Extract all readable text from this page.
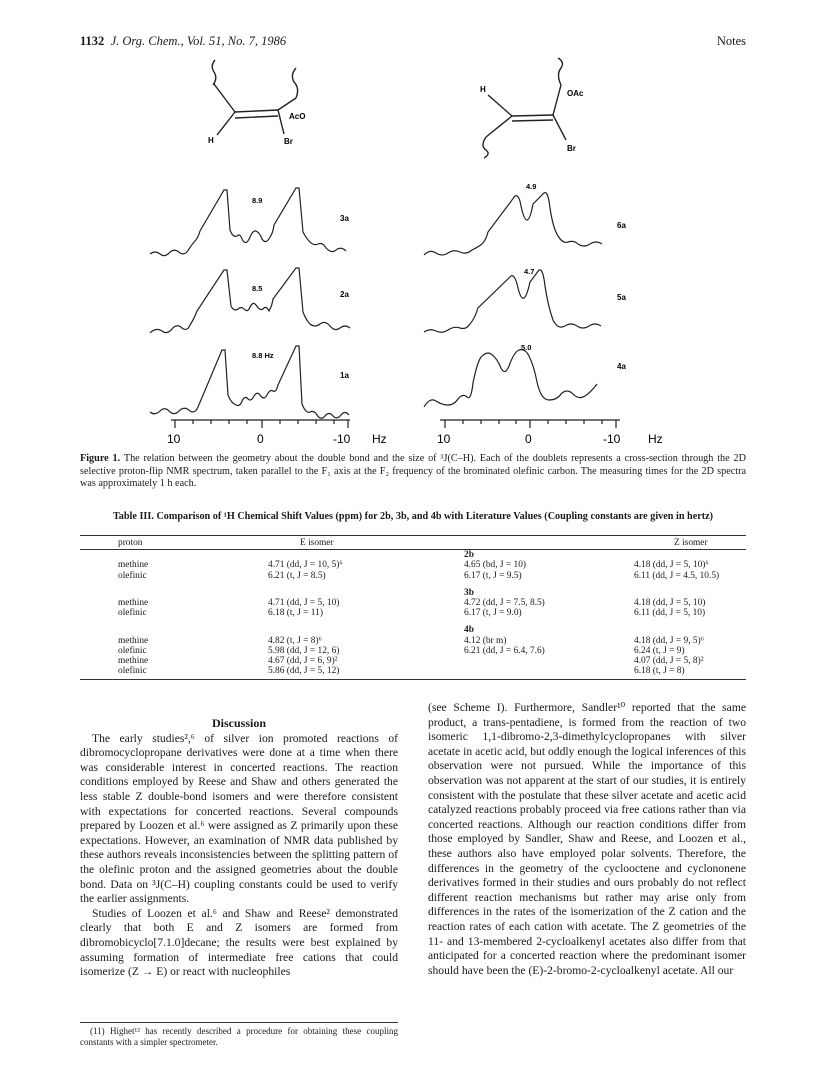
1132 J. Org. Chem., Vol. 51, No. 7, 1986	Notes
H
AcO
Br
H	OAc
Br
8.9
3a
8.5
2a
8.8 Hz
1a
4.9
6a
4.7
5a
5.0
4a
10	0	-10 Hz	10	0	-10 Hz
Figure 1. The relation between the geometry about the double bond and the size of ³J(C–H). Each of the doublets represents a cross-section through the 2D selective proton-flip NMR spectrum, taken parallel to the F₁ axis at the F₂ frequency of the brominated olefinic carbon. The measuring times for the 2D spectra was approximately 1 h each.
Table III. Comparison of ¹H Chemical Shift Values (ppm) for 2b, 3b, and 4b with Literature Values (Coupling constants are given in hertz)
proton	E isomer		Z isomer
		2b	
methine	4.71 (dd, J = 10, 5)⁶	4.65 (bd, J = 10)	4.18 (dd, J = 5, 10)⁶
olefinic	6.21 (t, J = 8.5)	6.17 (t, J = 9.5)	6.11 (dd, J = 4.5, 10.5)
		3b	
methine	4.71 (dd, J = 5, 10)	4.72 (dd, J = 7.5, 8.5)	4.18 (dd, J = 5, 10)
olefinic	6.18 (t, J = 11)	6.17 (t, J = 9.0)	6.11 (dd, J = 5, 10)
		4b	
methine	4.82 (t, J = 8)⁶	4.12 (br m)	4.18 (dd, J = 9, 5)⁶
olefinic	5.98 (dd, J = 12, 6)	6.21 (dd, J = 6.4, 7.6)	6.24 (t, J = 9)
methine	4.67 (dd, J = 6, 9)²		4.07 (dd, J = 5, 8)²
olefinic	5.86 (dd, J = 5, 12)		6.18 (t, J = 8)
Discussion

The early studies²,⁶ of silver ion promoted reactions of dibromocyclopropane derivatives were done at a time when there was considerable interest in concerted reactions. The reaction conditions employed by Reese and Shaw and others generated the less stable Z double-bond isomers and were therefore consistent with expectations for concerted reactions. Several compounds prepared by Loozen et al.⁶ were assigned as Z primarily upon these expectations. However, an examination of NMR data published by these authors reveals inconsistencies between the splitting pattern of the olefinic proton and the assigned geometries about the double bond. Data on ³J(C–H) coupling constants could be used to verify the earlier assignments.

Studies of Loozen et al.⁶ and Shaw and Reese² demonstrated clearly that both E and Z isomers are formed from dibromobicyclo[7.1.0]decane; the results were best explained by assuming formation of intermediate free cations that could isomerize (Z → E) or react with nucleophiles

(11) Highet¹² has recently described a procedure for obtaining these coupling constants with a simpler spectrometer.

(see Scheme I). Furthermore, Sandler¹⁰ reported that the same product, a trans-pentadiene, is formed from the reaction of two isomeric 1,1-dibromo-2,3-dimethylcyclopropanes with silver acetate in acetic acid, but oddly enough the logical inferences of this observation were not pursued. While the importance of this observation was not apparent at the start of our studies, it is entirely consistent with the postulate that these silver acetate and acetic acid catalyzed reactions probably proceed via free cations rather than via concerted reactions. Although our reaction conditions differ from those employed by Sandler, Shaw and Reese, and Loozen et al., these authors also have employed polar solvents. Therefore, the differences in the geometry of the cyclooctene and cyclononene derivatives formed in their studies and ours probably do not reflect different reaction mechanisms but rather may arise only from differences in the rates of the isomerization of the Z cation and the reaction rates of each cation with acetate. The Z geometries of the 11- and 13-membered 2-cycloalkenyl acetates also differ from that anticipated for a concerted reaction where the predominant isomer should have been the (E)-2-bromo-2-cycloalkenyl acetate. All our
